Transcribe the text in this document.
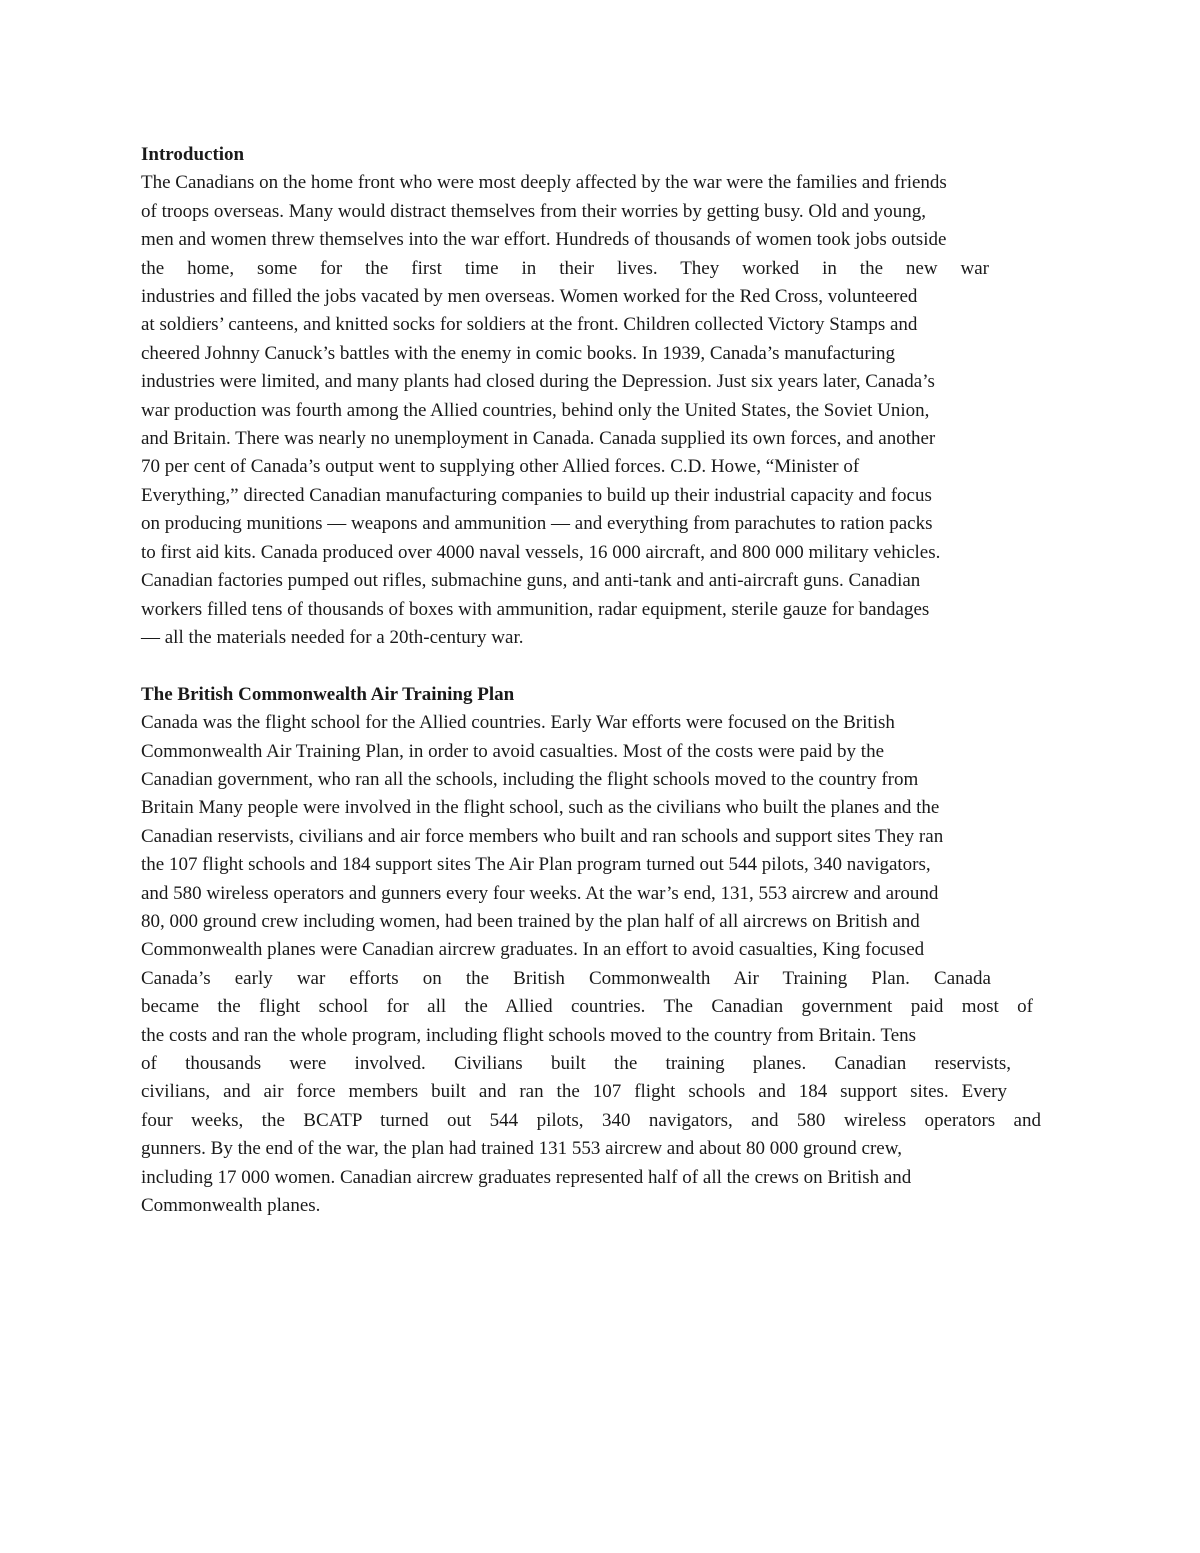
Introduction
The Canadians on the home front who were most deeply affected by the war were the families and friends
of troops overseas. Many would distract themselves from their worries by getting busy. Old and young,
men and women threw themselves into the war effort. Hundreds of thousands of women took jobs outside
the home, some for the first time in their lives. They worked in the new war
industries and filled the jobs vacated by men overseas. Women worked for the Red Cross, volunteered
at soldiers’ canteens, and knitted socks for soldiers at the front. Children collected Victory Stamps and
cheered Johnny Canuck’s battles with the enemy in comic books. In 1939, Canada’s manufacturing
industries were limited, and many plants had closed during the Depression. Just six years later, Canada’s
war production was fourth among the Allied countries, behind only the United States, the Soviet Union,
and Britain. There was nearly no unemployment in Canada. Canada supplied its own forces, and another
70 per cent of Canada’s output went to supplying other Allied forces. C.D. Howe, “Minister of
Everything,” directed Canadian manufacturing companies to build up their industrial capacity and focus
on producing munitions — weapons and ammunition — and everything from parachutes to ration packs
to first aid kits. Canada produced over 4000 naval vessels, 16 000 aircraft, and 800 000 military vehicles.
Canadian factories pumped out rifles, submachine guns, and anti-tank and anti-aircraft guns. Canadian
workers filled tens of thousands of boxes with ammunition, radar equipment, sterile gauze for bandages
— all the materials needed for a 20th-century war.
The British Commonwealth Air Training Plan
Canada was the flight school for the Allied countries. Early War efforts were focused on the British
Commonwealth Air Training Plan, in order to avoid casualties. Most of the costs were paid by the
Canadian government, who ran all the schools, including the flight schools moved to the country from
Britain Many people were involved in the flight school, such as the civilians who built the planes and the
Canadian reservists, civilians and air force members who built and ran schools and support sites They ran
the 107 flight schools and 184 support sites The Air Plan program turned out 544 pilots, 340 navigators,
and 580 wireless operators and gunners every four weeks. At the war’s end, 131, 553 aircrew and around
80, 000 ground crew including women, had been trained by the plan half of all aircrews on British and
Commonwealth planes were Canadian aircrew graduates. In an effort to avoid casualties, King focused
Canada’s early war efforts on the British Commonwealth Air Training Plan. Canada
became the flight school for all the Allied countries. The Canadian government paid most of
the costs and ran the whole program, including flight schools moved to the country from Britain. Tens
of thousands were involved. Civilians built the training planes. Canadian reservists,
civilians, and air force members built and ran the 107 flight schools and 184 support sites. Every
four weeks, the BCATP turned out 544 pilots, 340 navigators, and 580 wireless operators and
gunners. By the end of the war, the plan had trained 131 553 aircrew and about 80 000 ground crew,
including 17 000 women. Canadian aircrew graduates represented half of all the crews on British and
Commonwealth planes.
